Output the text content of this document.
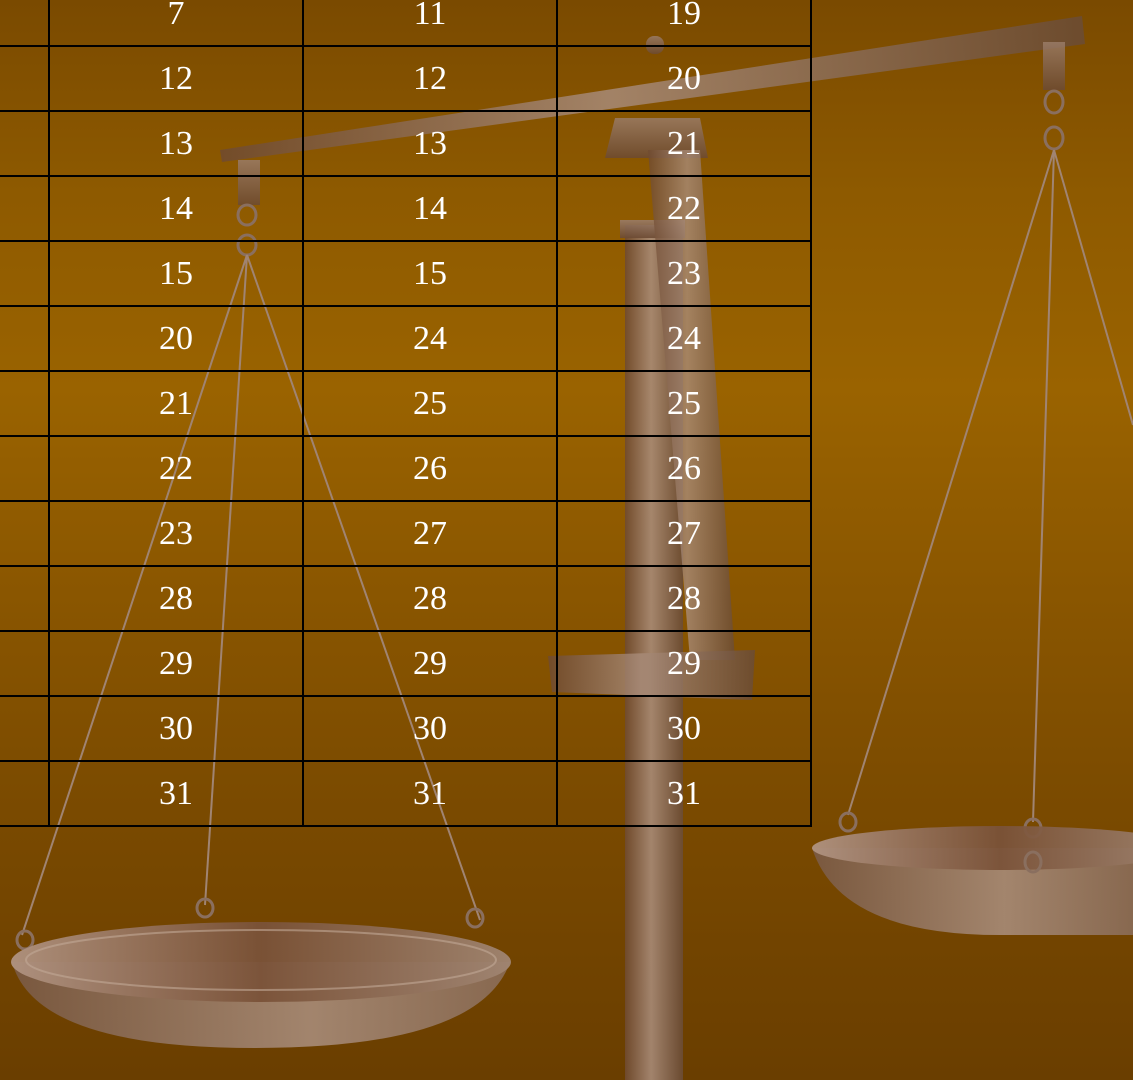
	7	11	19
	12	12	20
	13	13	21
	14	14	22
	15	15	23
	20	24	24
	21	25	25
	22	26	26
	23	27	27
	28	28	28
	29	29	29
	30	30	30
	31	31	31
